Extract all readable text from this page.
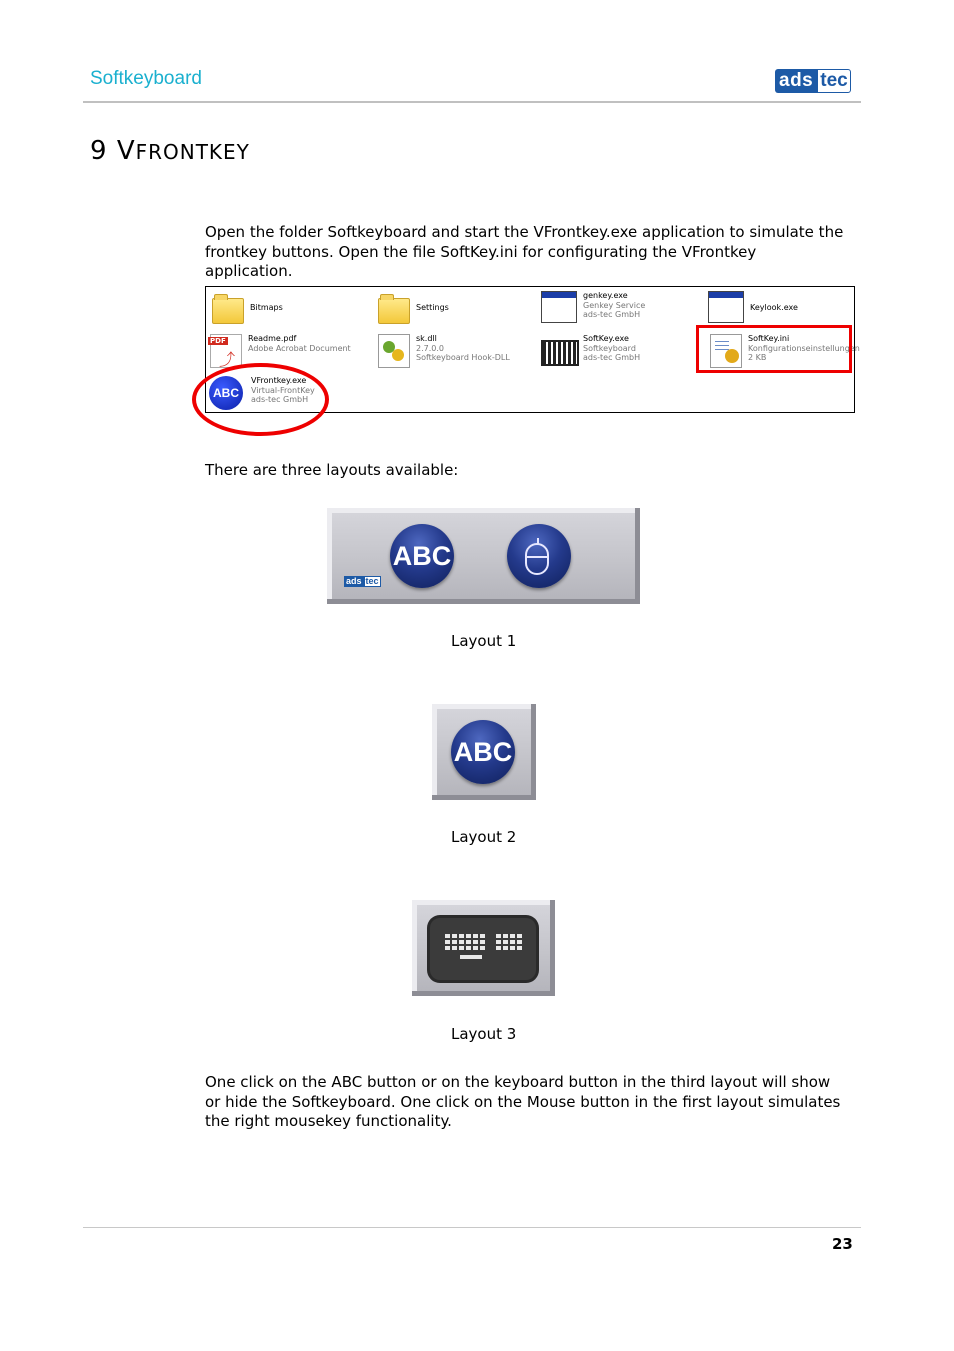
Softkeyboard	ads tec
9 VFRONTKEY
Open the folder Softkeyboard and start the VFrontkey.exe application to simulate the frontkey buttons. Open the file SoftKey.ini for configurating the VFrontkey application.
Bitmaps	Settings
genkey.exe
Genkey Service
ads-tec GmbH
Keylook.exe
PDF
⤴
Readme.pdf
Adobe Acrobat Document
sk.dll
2.7.0.0
Softkeyboard Hook-DLL
SoftKey.exe
Softkeyboard
ads-tec GmbH
SoftKey.ini
Konfigurationseinstellungen
2 KB
ABC
VFrontkey.exe
Virtual-FrontKey
ads-tec GmbH
There are three layouts available:
ABC
ads tec
Layout 1
ABC
Layout 2
Layout 3
One click on the ABC button or on the keyboard button in the third layout will show or hide the Softkeyboard. One click on the Mouse button in the first layout simulates the right mousekey functionality.
23
